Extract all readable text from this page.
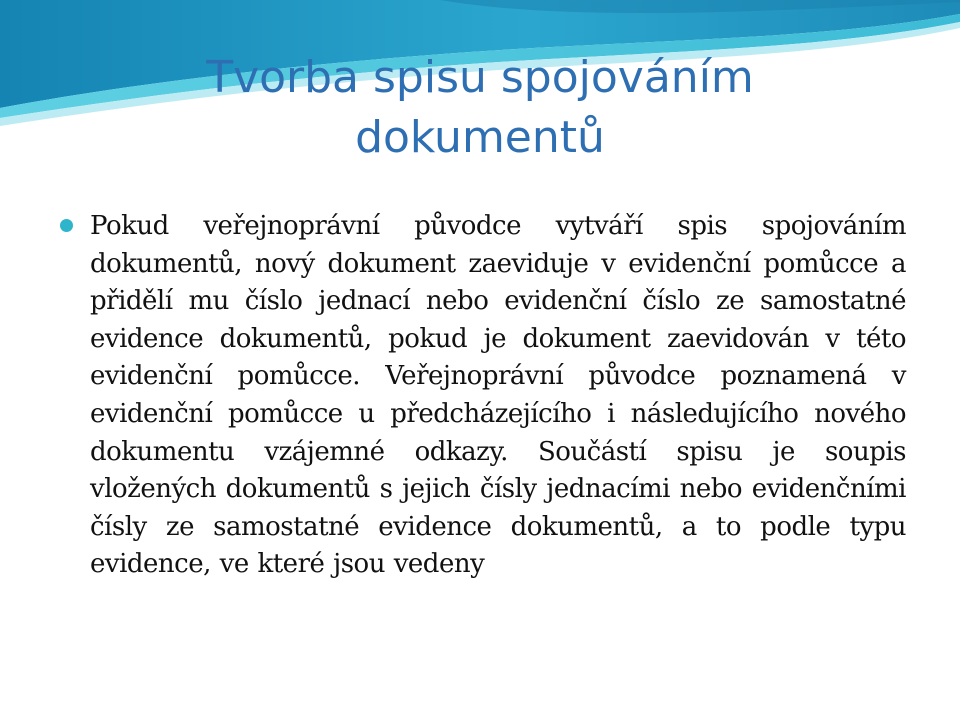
Tvorba spisu spojováním dokumentů

Pokud veřejnoprávní původce vytváří spis spojováním dokumentů, nový dokument zaeviduje v evidenční pomůcce a přidělí mu číslo jednací nebo evidenční číslo ze samostatné evidence dokumentů, pokud je dokument zaevidován v této evidenční pomůcce. Veřejnoprávní původce poznamená v evidenční pomůcce u předcházejícího i následujícího nového dokumentu vzájemné odkazy. Součástí spisu je soupis vložených dokumentů s jejich čísly jednacími nebo evidenčními čísly ze samostatné evidence dokumentů, a to podle typu evidence, ve které jsou vedeny
